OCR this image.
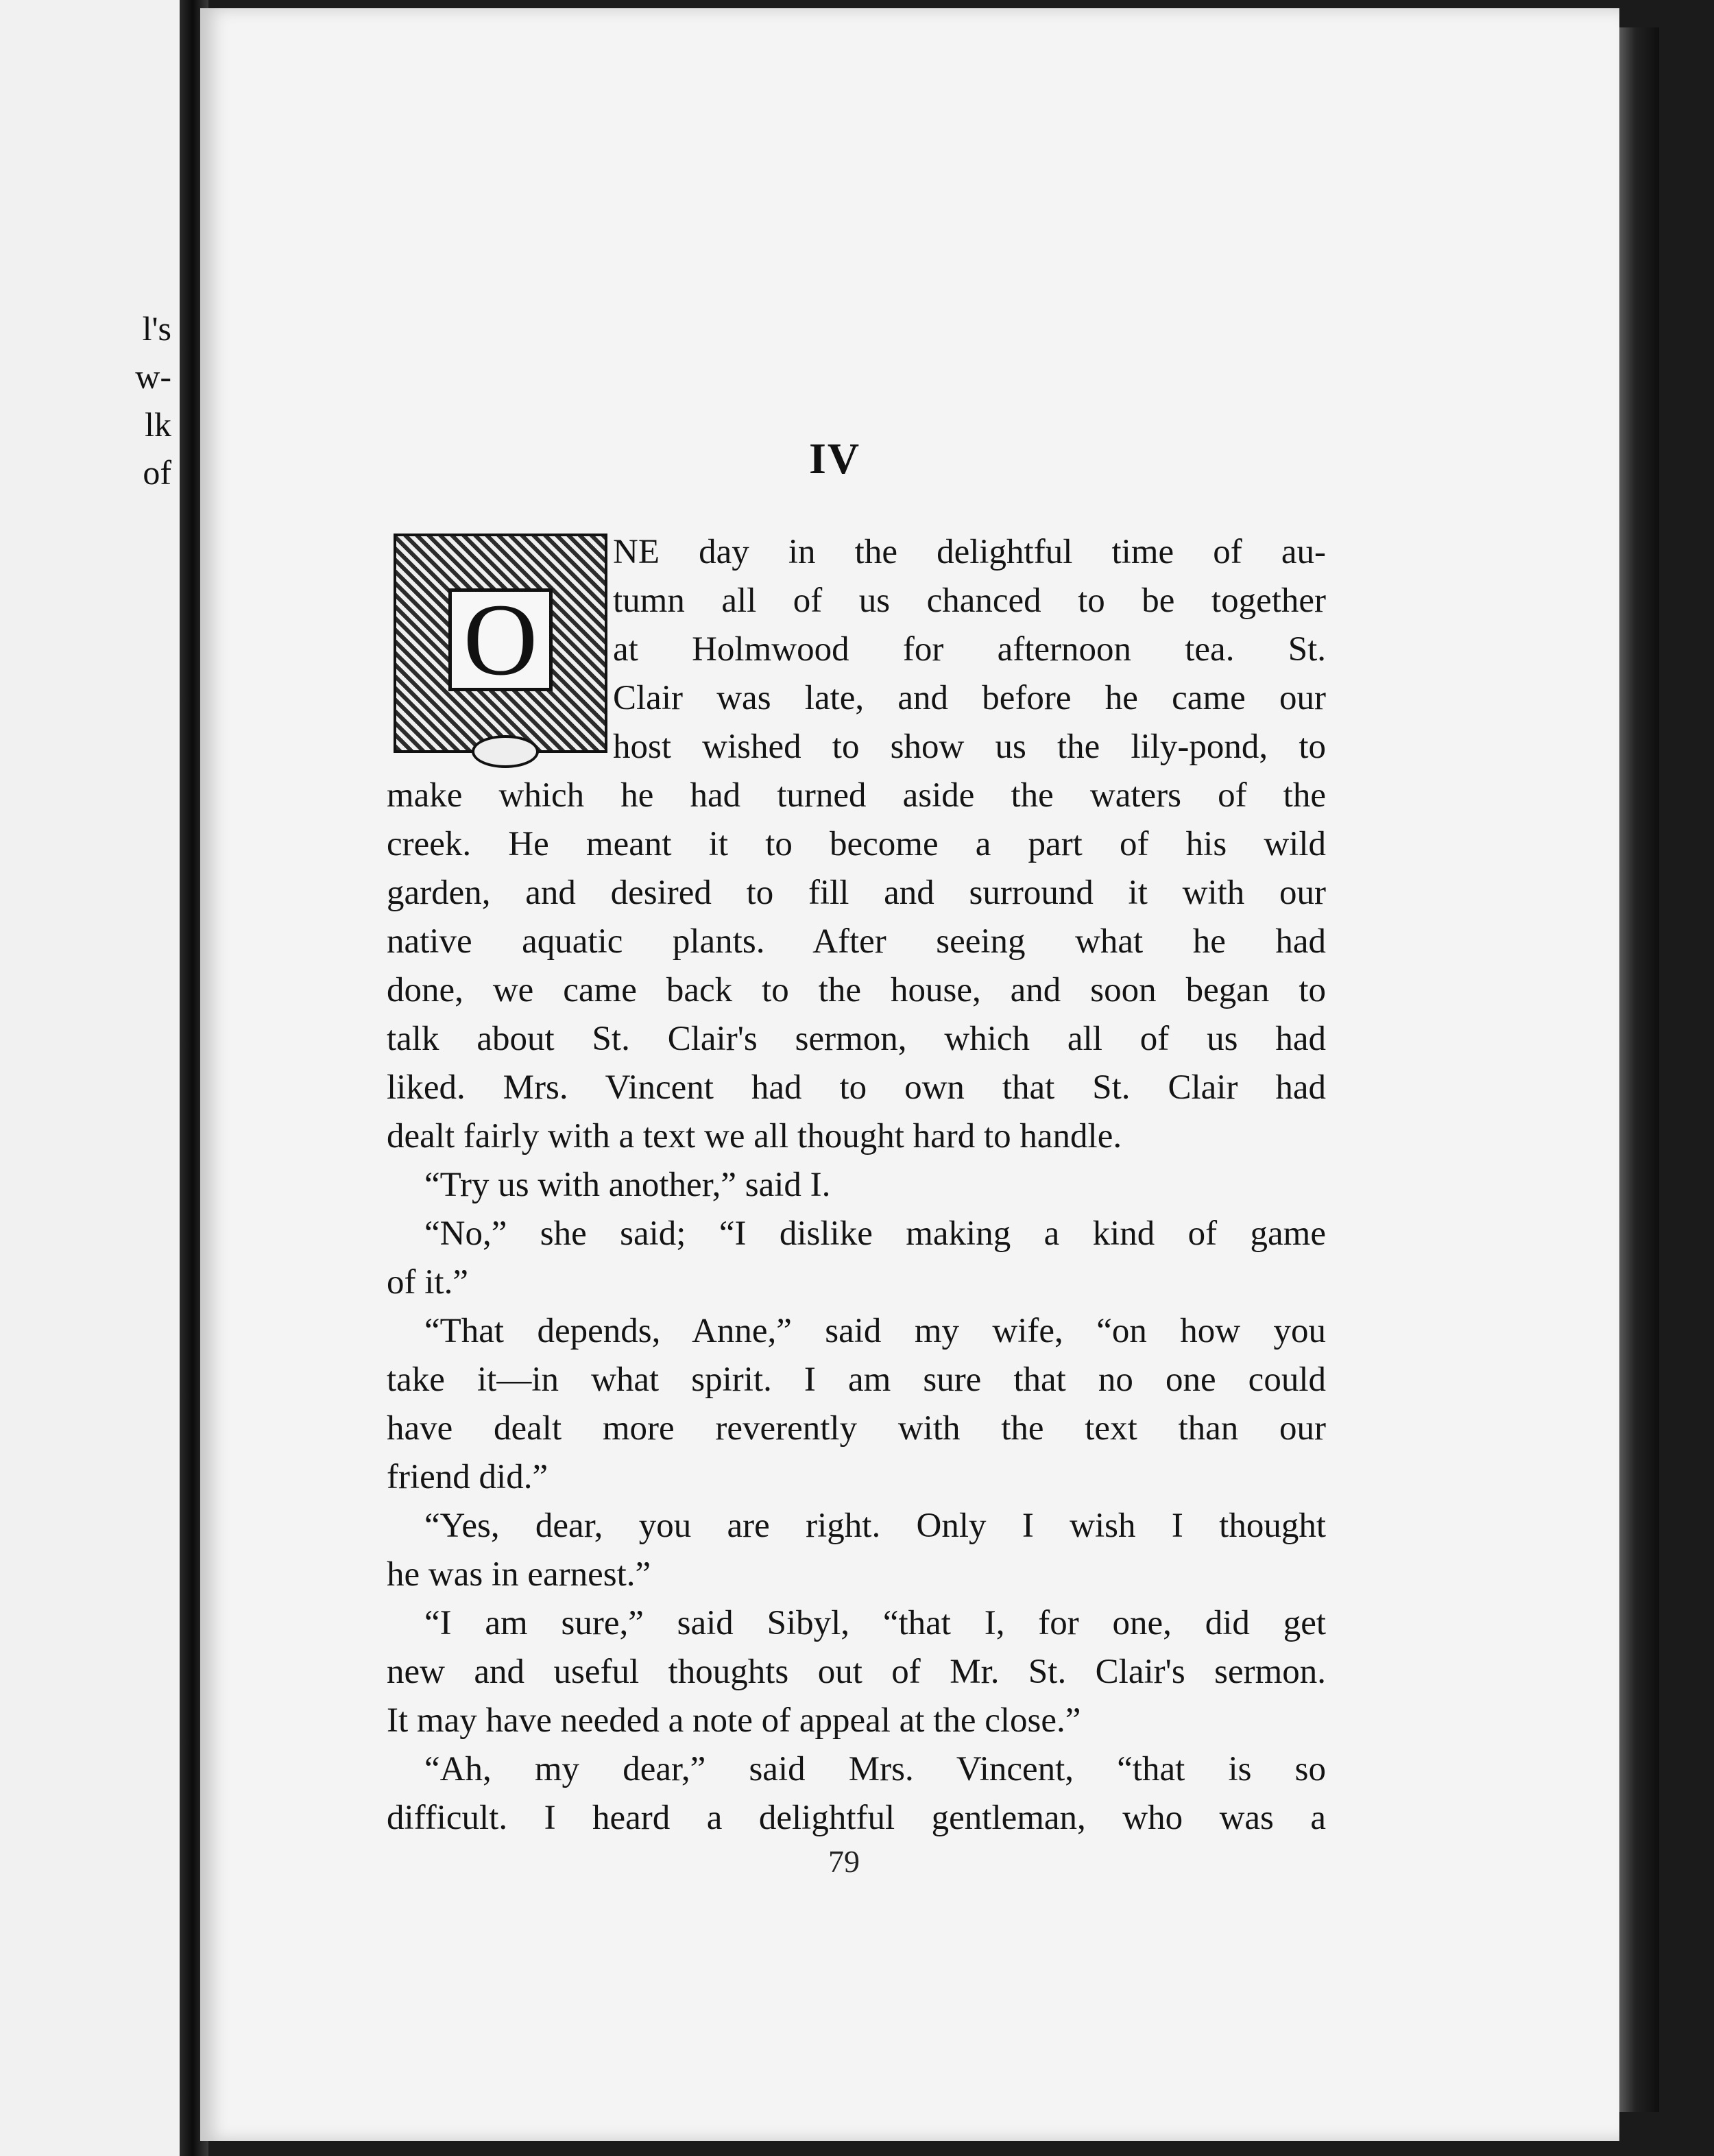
l's
w-
lk
of	IV
O
NE day in the delightful time of au-
tumn all of us chanced to be together
at Holmwood for afternoon tea. St.
Clair was late, and before he came our
host wished to show us the lily-pond, to
make which he had turned aside the waters of the
creek. He meant it to become a part of his wild
garden, and desired to fill and surround it with our
native aquatic plants. After seeing what he had
done, we came back to the house, and soon began to
talk about St. Clair's sermon, which all of us had
liked. Mrs. Vincent had to own that St. Clair had
dealt fairly with a text we all thought hard to handle.
“Try us with another,” said I.
“No,” she said; “I dislike making a kind of game
of it.”
“That depends, Anne,” said my wife, “on how you
take it—in what spirit. I am sure that no one could
have dealt more reverently with the text than our
friend did.”
“Yes, dear, you are right. Only I wish I thought
he was in earnest.”
“I am sure,” said Sibyl, “that I, for one, did get
new and useful thoughts out of Mr. St. Clair's sermon.
It may have needed a note of appeal at the close.”
“Ah, my dear,” said Mrs. Vincent, “that is so
difficult. I heard a delightful gentleman, who was a
79
